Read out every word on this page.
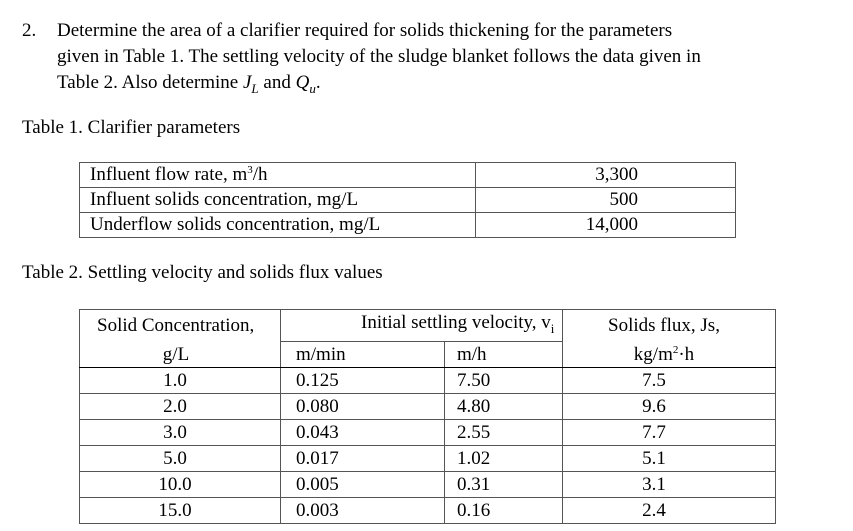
2. Determine the area of a clarifier required for solids thickening for the parameters
given in Table 1. The settling velocity of the sludge blanket follows the data given in
Table 2. Also determine $J_L$ and $Q_u$.
Table 1. Clarifier parameters
Influent flow rate, $m^3/h$	3,300
Influent solids concentration, mg/L	500
Underflow solids concentration, mg/L	14,000
Table 2. Settling velocity and solids flux values
Solid Concentration,	Initial settling velocity, $v_i$		Solids flux, Js,
g/L	m/min	m/h	$kg/m^2\cdot h$
1.0	0.125	7.50	7.5
2.0	0.080	4.80	9.6
3.0	0.043	2.55	7.7
5.0	0.017	1.02	5.1
10.0	0.005	0.31	3.1
15.0	0.003	0.16	2.4
